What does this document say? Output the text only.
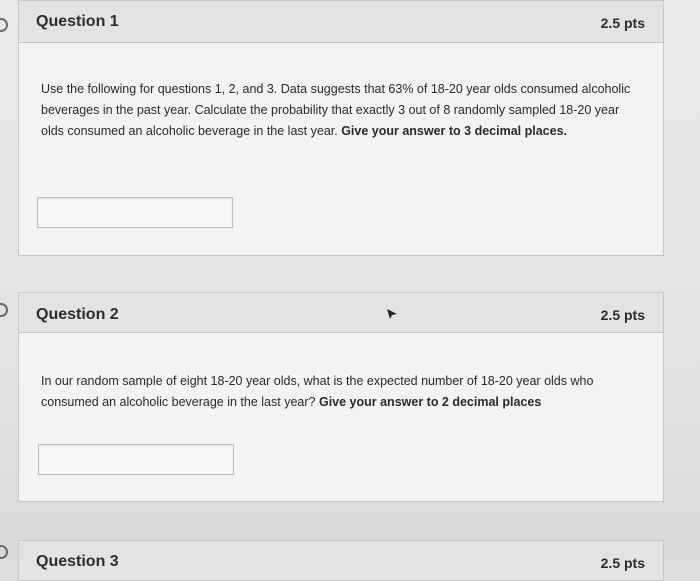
Question 1	2.5 pts
Use the following for questions 1, 2, and 3. Data suggests that 63% of 18-20 year olds consumed alcoholic beverages in the past year. Calculate the probability that exactly 3 out of 8 randomly sampled 18-20 year olds consumed an alcoholic beverage in the last year. Give your answer to 3 decimal places.
Question 2	2.5 pts
In our random sample of eight 18-20 year olds, what is the expected number of 18-20 year olds who consumed an alcoholic beverage in the last year? Give your answer to 2 decimal places
Question 3	2.5 pts
